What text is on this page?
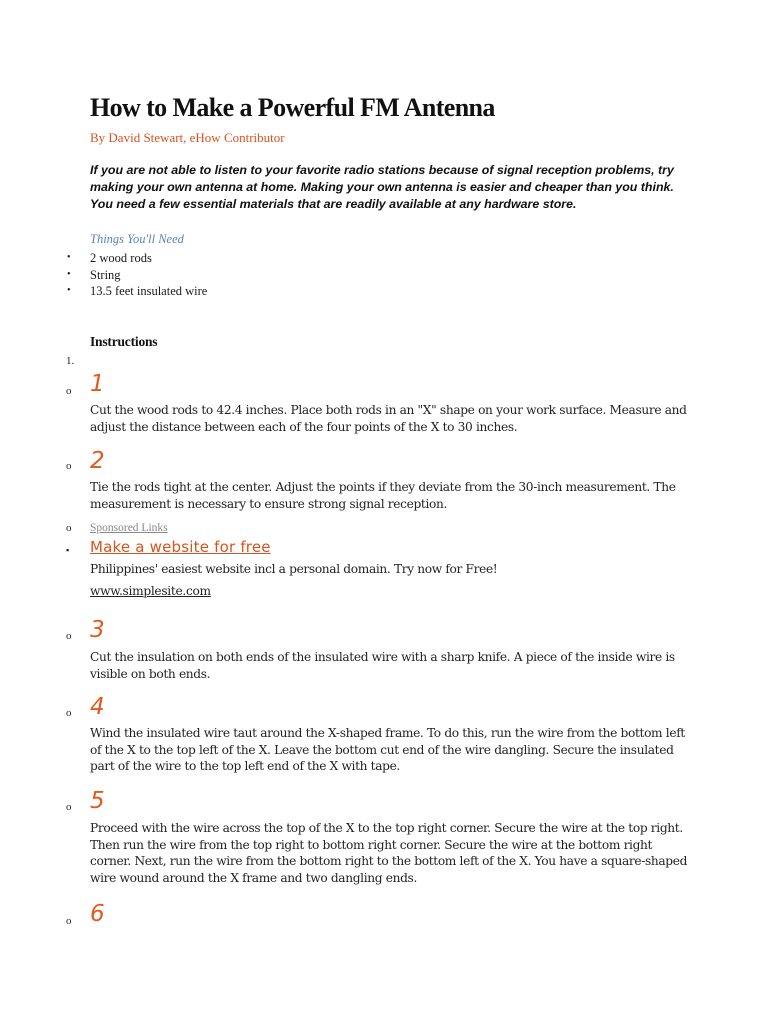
How to Make a Powerful FM Antenna
By David Stewart, eHow Contributor

If you are not able to listen to your favorite radio stations because of signal reception problems, try making your own antenna at home. Making your own antenna is easier and cheaper than you think. You need a few essential materials that are readily available at any hardware store.

Things You'll Need
• 2 wood rods
• String
• 13.5 feet insulated wire
Instructions
1.
o 1

Cut the wood rods to 42.4 inches. Place both rods in an "X" shape on your work surface. Measure and adjust the distance between each of the four points of the X to 30 inches.

o 2

Tie the rods tight at the center. Adjust the points if they deviate from the 30-inch measurement. The measurement is necessary to ensure strong signal reception.

o Sponsored Links
▪ Make a website for free
Philippines' easiest website incl a personal domain. Try now for Free!
www.simplesite.com
o 3

Cut the insulation on both ends of the insulated wire with a sharp knife. A piece of the inside wire is visible on both ends.

o 4

Wind the insulated wire taut around the X-shaped frame. To do this, run the wire from the bottom left of the X to the top left of the X. Leave the bottom cut end of the wire dangling. Secure the insulated part of the wire to the top left end of the X with tape.

o 5

Proceed with the wire across the top of the X to the top right corner. Secure the wire at the top right. Then run the wire from the top right to bottom right corner. Secure the wire at the bottom right corner. Next, run the wire from the bottom right to the bottom left of the X. You have a square-shaped wire wound around the X frame and two dangling ends.

o 6
